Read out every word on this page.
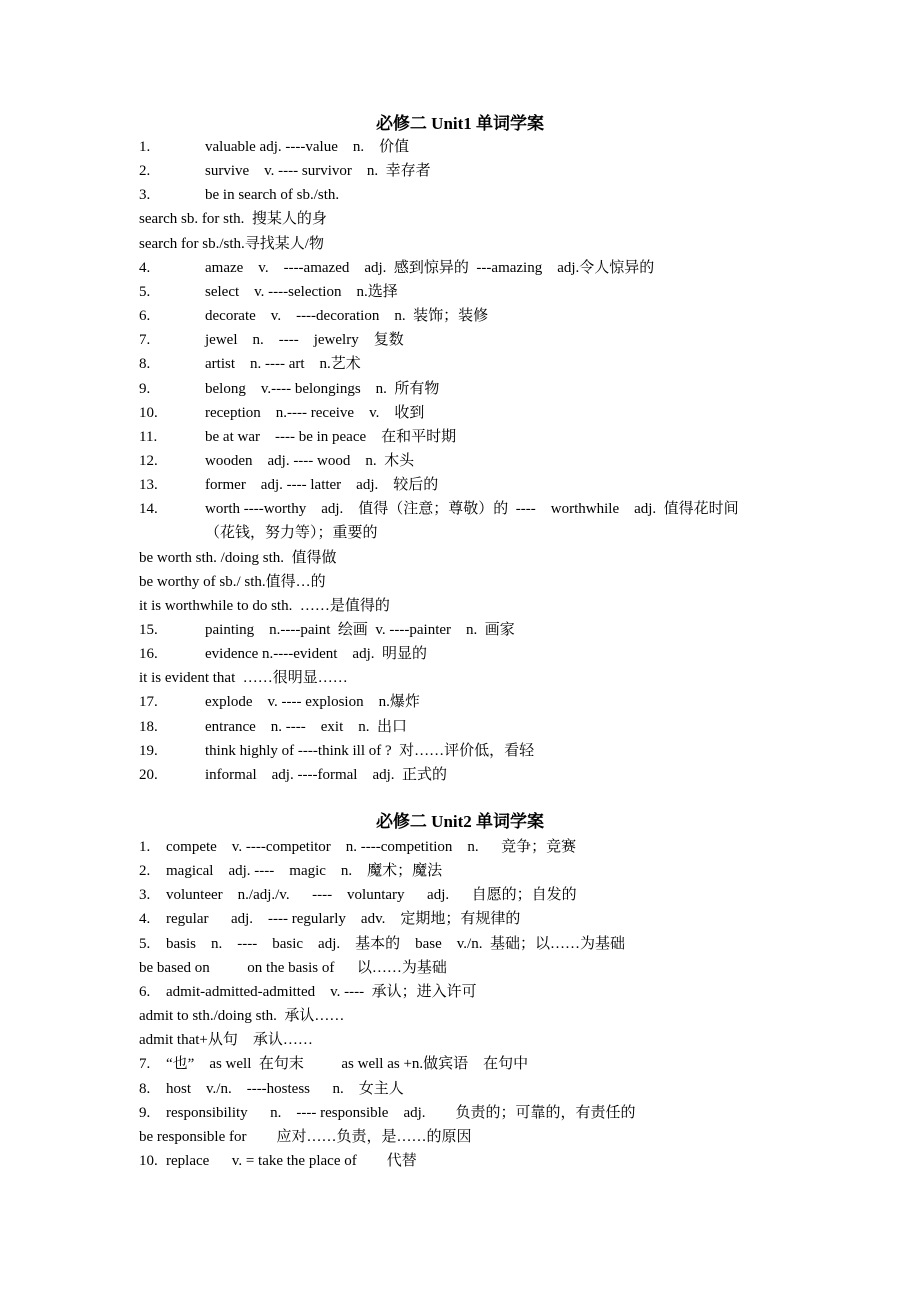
必修二 Unit1 单词学案
1.	valuable adj. ----value    n.    价值
2.	survive    v. ---- survivor    n.  幸存者
3.	be in search of sb./sth.
search sb. for sth.  搜某人的身
search for sb./sth.寻找某人/物
4.	amaze    v.    ----amazed    adj.  感到惊异的  ---amazing    adj.令人惊异的
5.	select    v. ----selection    n.选择
6.	decorate    v.    ----decoration    n.  装饰；装修
7.	jewel    n.    ----    jewelry    复数
8.	artist    n. ---- art    n.艺术
9.	belong    v.---- belongings    n.  所有物
10.	reception    n.---- receive    v.    收到
11.	be at war    ---- be in peace    在和平时期
12.	wooden    adj. ---- wood    n.  木头
13.	former    adj. ---- latter    adj.    较后的
14.	worth ----worthy    adj.    值得（注意；尊敬）的  ----    worthwhile    adj.  值得花时间
（花钱，努力等）；重要的
be worth sth. /doing sth.  值得做
be worthy of sb./ sth.值得…的
it is worthwhile to do sth.  ……是值得的
15.	painting    n.----paint  绘画  v. ----painter    n.  画家
16.	evidence n.----evident    adj.  明显的
it is evident that  ……很明显……
17.	explode    v. ---- explosion    n.爆炸
18.	entrance    n. ----    exit    n.  出口
19.	think highly of ----think ill of ?  对……评价低，看轻
20.	informal    adj. ----formal    adj.  正式的
必修二 Unit2 单词学案
1. compete    v. ----competitor    n. ----competition    n.      竞争；竞赛
2. magical    adj. ----    magic    n.    魔术；魔法
3. volunteer    n./adj./v.      ----    voluntary      adj.      自愿的；自发的
4. regular      adj.    ---- regularly    adv.    定期地；有规律的
5. basis    n.    ----    basic    adj.    基本的    base    v./n.  基础；以……为基础
be based on          on the basis of      以……为基础
6. admit-admitted-admitted    v. ----  承认；进入许可
admit to sth./doing sth.  承认……
admit that+从句    承认……
7. “也”    as well  在句末          as well as +n.做宾语    在句中
8. host    v./n.    ----hostess      n.    女主人
9. responsibility      n.    ---- responsible    adj.        负责的；可靠的，有责任的
be responsible for        应对……负责，是……的原因
10. replace      v. = take the place of        代替
